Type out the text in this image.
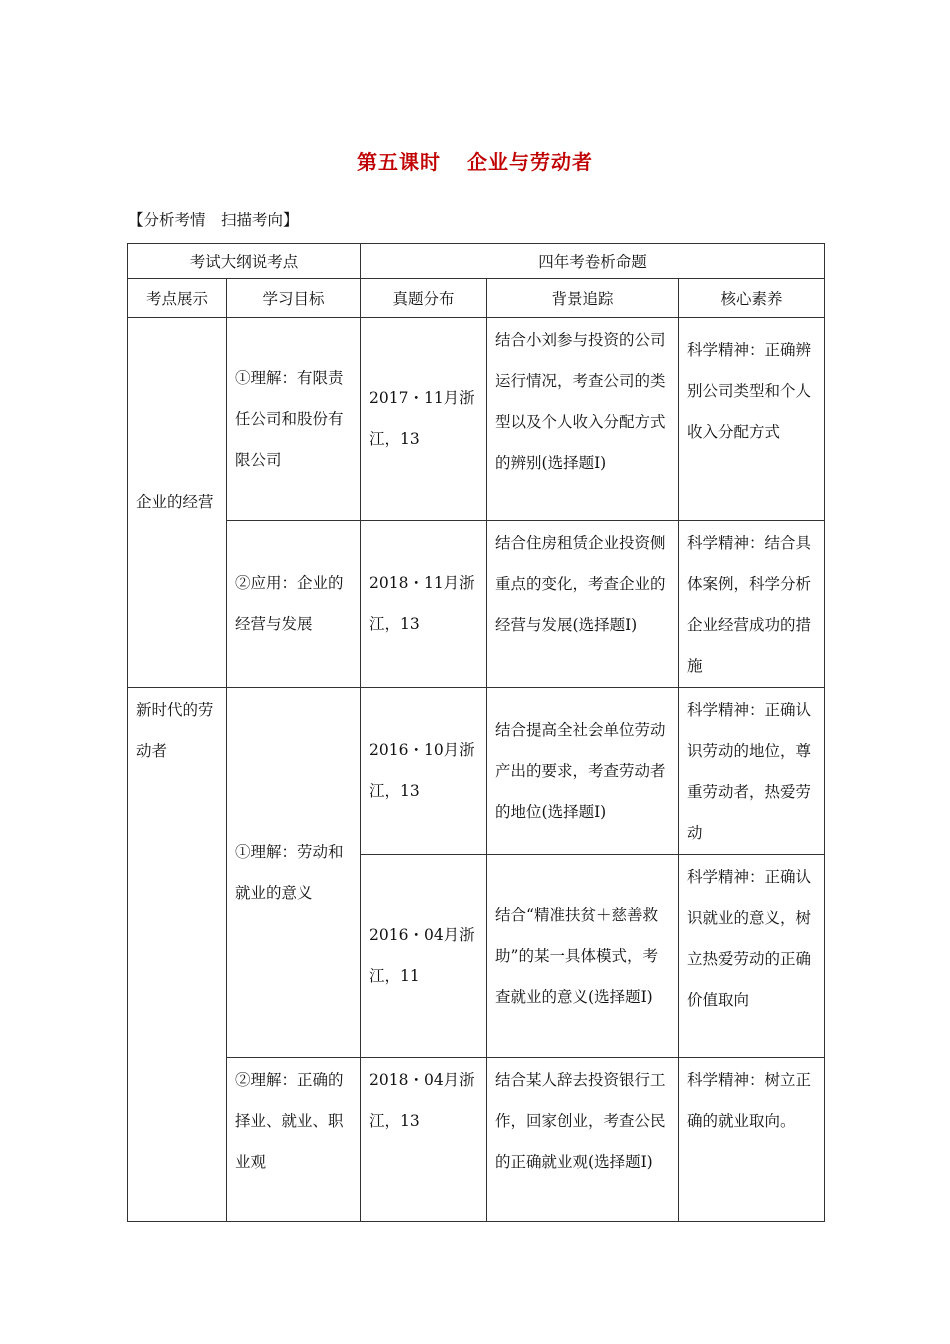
第五课时 企业与劳动者
【分析考情　扫描考向】
考试大纲说考点		四年考卷析命题		
考点展示	学习目标	真题分布	背景追踪	核心素养

企业的经营	①理解：有限责任公司和股份有限公司	2017・11月浙江，13	结合小刘参与投资的公司运行情况，考查公司的类型以及个人收入分配方式的辨别(选择题Ⅰ)	科学精神：正确辨别公司类型和个人收入分配方式

	②应用：企业的经营与发展	2018・11月浙江，13	结合住房租赁企业投资侧重点的变化，考查企业的经营与发展(选择题Ⅰ)	科学精神：结合具体案例，科学分析企业经营成功的措施

新时代的劳动者	①理解：劳动和就业的意义	2016・10月浙江，13	结合提高全社会单位劳动产出的要求，考查劳动者的地位(选择题Ⅰ)	科学精神：正确认识劳动的地位，尊重劳动者，热爱劳动

		2016・04月浙江，11	结合“精准扶贫＋慈善救助”的某一具体模式，考查就业的意义(选择题Ⅰ)	科学精神：正确认识就业的意义，树立热爱劳动的正确价值取向

	②理解：正确的择业、就业、职业观	2018・04月浙江，13	结合某人辞去投资银行工作，回家创业，考查公民的正确就业观(选择题Ⅰ)	科学精神：树立正确的就业取向。
